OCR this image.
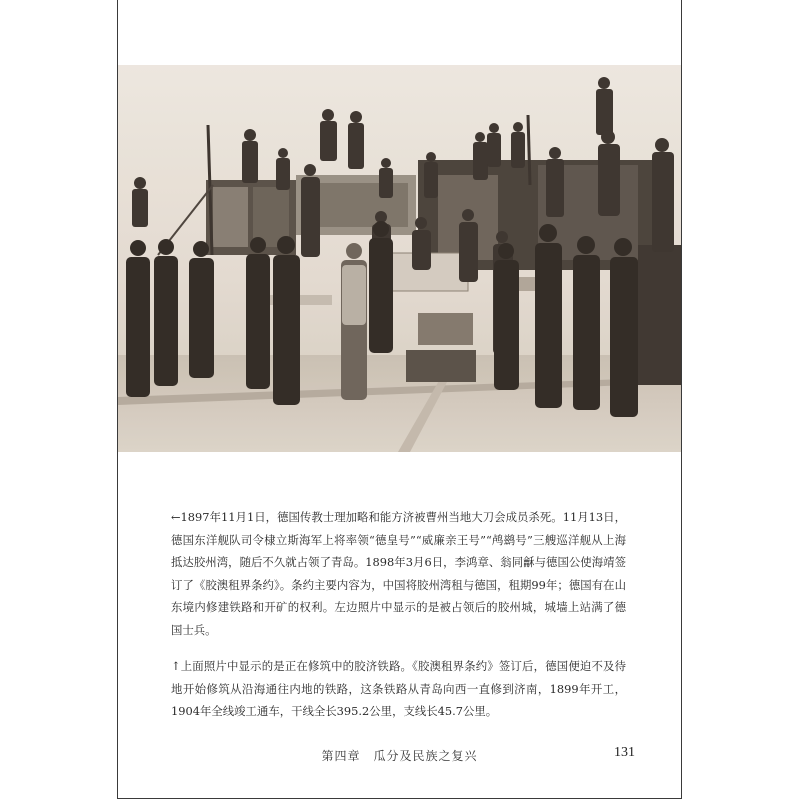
←1897年11月1日，德国传教士理加略和能方济被曹州当地大刀会成员杀死。11月13日，德国东洋舰队司令棣立斯海军上将率领“德皇号”“威廉亲王号”“鸬鹚号”三艘巡洋舰从上海抵达胶州湾，随后不久就占领了青岛。1898年3月6日，李鸿章、翁同龢与德国公使海靖签订了《胶澳租界条约》。条约主要内容为，中国将胶州湾租与德国，租期99年；德国有在山东境内修建铁路和开矿的权利。左边照片中显示的是被占领后的胶州城，城墙上站满了德国士兵。

↑上面照片中显示的是正在修筑中的胶济铁路。《胶澳租界条约》签订后，德国便迫不及待地开始修筑从沿海通往内地的铁路，这条铁路从青岛向西一直修到济南，1899年开工，1904年全线竣工通车，干线全长395.2公里，支线长45.7公里。

第四章　瓜分及民族之复兴	131
